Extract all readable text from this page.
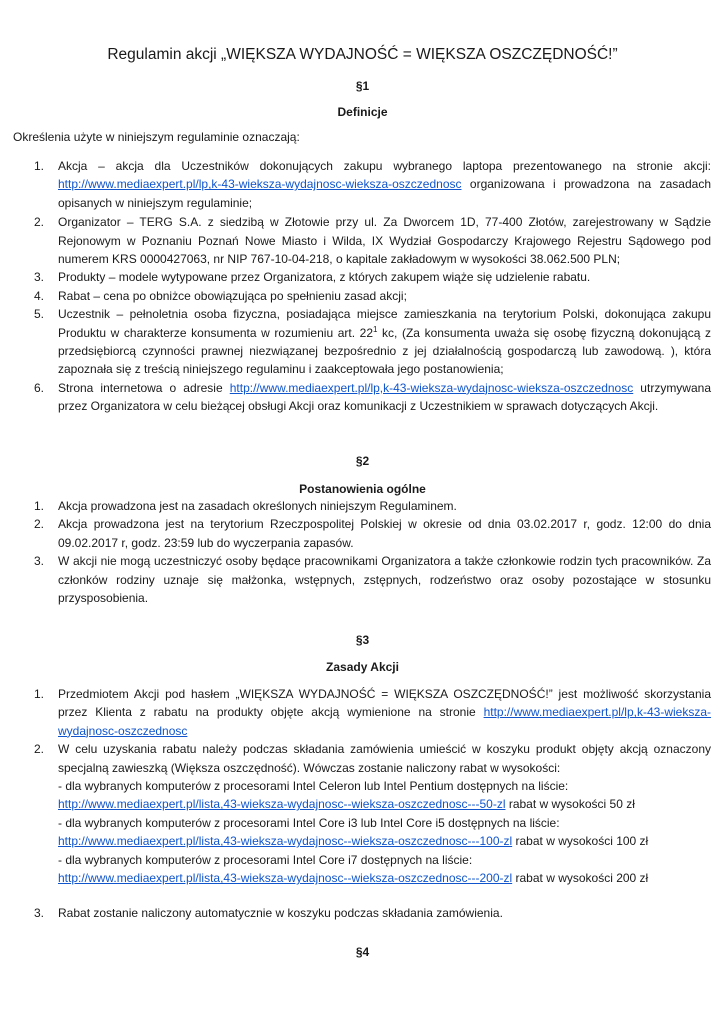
Regulamin akcji „WIĘKSZA WYDAJNOŚĆ = WIĘKSZA OSZCZĘDNOŚĆ!”
§1
Definicje
Określenia użyte w niniejszym regulaminie oznaczają:
1. Akcja – akcja dla Uczestników dokonujących zakupu wybranego laptopa prezentowanego na stronie akcji: http://www.mediaexpert.pl/lp,k-43-wieksza-wydajnosc-wieksza-oszczednosc organizowana i prowadzona na zasadach opisanych w niniejszym regulaminie;
2. Organizator – TERG S.A. z siedzibą w Złotowie przy ul. Za Dworcem 1D, 77-400 Złotów, zarejestrowany w Sądzie Rejonowym w Poznaniu Poznań Nowe Miasto i Wilda, IX Wydział Gospodarczy Krajowego Rejestru Sądowego pod numerem KRS 0000427063, nr NIP 767-10-04-218, o kapitale zakładowym w wysokości 38.062.500 PLN;
3. Produkty – modele wytypowane przez Organizatora, z których zakupem wiąże się udzielenie rabatu.
4. Rabat – cena po obniżce obowiązująca po spełnieniu zasad akcji;
5. Uczestnik – pełnoletnia osoba fizyczna, posiadająca miejsce zamieszkania na terytorium Polski, dokonująca zakupu Produktu w charakterze konsumenta w rozumieniu art. $22^1$ kc, (Za konsumenta uważa się osobę fizyczną dokonującą z przedsiębiorcą czynności prawnej niezwiązanej bezpośrednio z jej działalnością gospodarczą lub zawodową. ), która zapoznała się z treścią niniejszego regulaminu i zaakceptowała jego postanowienia;
6. Strona internetowa o adresie http://www.mediaexpert.pl/lp,k-43-wieksza-wydajnosc-wieksza-oszczednosc utrzymywana przez Organizatora w celu bieżącej obsługi Akcji oraz komunikacji z Uczestnikiem w sprawach dotyczących Akcji.
§2
Postanowienia ogólne
1. Akcja prowadzona jest na zasadach określonych niniejszym Regulaminem.
2. Akcja prowadzona jest na terytorium Rzeczpospolitej Polskiej w okresie od dnia 03.02.2017 r, godz. 12:00 do dnia 09.02.2017 r, godz. 23:59 lub do wyczerpania zapasów.
3. W akcji nie mogą uczestniczyć osoby będące pracownikami Organizatora a także członkowie rodzin tych pracowników. Za członków rodziny uznaje się małżonka, wstępnych, zstępnych, rodzeństwo oraz osoby pozostające w stosunku przysposobienia.
§3
Zasady Akcji
1. Przedmiotem Akcji pod hasłem „WIĘKSZA WYDAJNOŚĆ = WIĘKSZA OSZCZĘDNOŚĆ!” jest możliwość skorzystania przez Klienta z rabatu na produkty objęte akcją wymienione na stronie http://www.mediaexpert.pl/lp,k-43-wieksza-wydajnosc-oszczednosc
2. W celu uzyskania rabatu należy podczas składania zamówienia umieścić w koszyku produkt objęty akcją oznaczony specjalną zawieszką (Większa oszczędność). Wówczas zostanie naliczony rabat w wysokości:
- dla wybranych komputerów z procesorami Intel Celeron lub Intel Pentium dostępnych na liście:
http://www.mediaexpert.pl/lista,43-wieksza-wydajnosc--wieksza-oszczednosc---50-zl rabat w wysokości 50 zł
- dla wybranych komputerów z procesorami Intel Core i3 lub Intel Core i5 dostępnych na liście:
http://www.mediaexpert.pl/lista,43-wieksza-wydajnosc--wieksza-oszczednosc---100-zl rabat w wysokości 100 zł
- dla wybranych komputerów z procesorami Intel Core i7 dostępnych na liście:
http://www.mediaexpert.pl/lista,43-wieksza-wydajnosc--wieksza-oszczednosc---200-zl rabat w wysokości 200 zł
3. Rabat zostanie naliczony automatycznie w koszyku podczas składania zamówienia.
§4
